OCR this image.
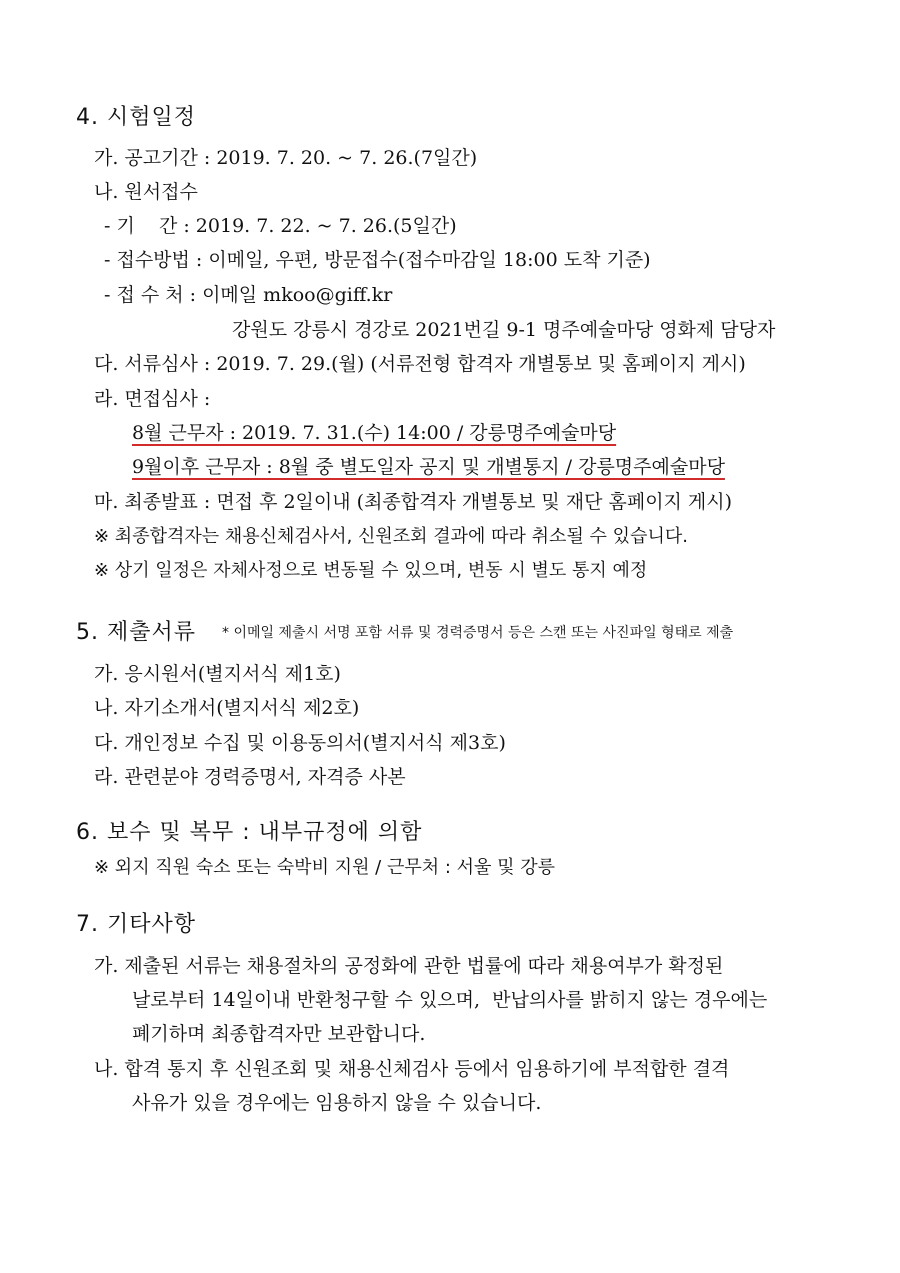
4. 시험일정
가. 공고기간 : 2019. 7. 20. ~ 7. 26.(7일간)
나. 원서접수
- 기    간 : 2019. 7. 22. ~ 7. 26.(5일간)
- 접수방법 : 이메일, 우편, 방문접수(접수마감일 18:00 도착 기준)
- 접 수 처 : 이메일 mkoo@giff.kr
강원도 강릉시 경강로 2021번길 9-1 명주예술마당 영화제 담당자
다. 서류심사 : 2019. 7. 29.(월) (서류전형 합격자 개별통보 및 홈페이지 게시)
라. 면접심사 :
8월 근무자 : 2019. 7. 31.(수) 14:00 / 강릉명주예술마당
9월이후 근무자 : 8월 중 별도일자 공지 및 개별통지 / 강릉명주예술마당
마. 최종발표 : 면접 후 2일이내 (최종합격자 개별통보 및 재단 홈페이지 게시)
※ 최종합격자는 채용신체검사서, 신원조회 결과에 따라 취소될 수 있습니다.
※ 상기 일정은 자체사정으로 변동될 수 있으며, 변동 시 별도 통지 예정
5. 제출서류 * 이메일 제출시 서명 포함 서류 및 경력증명서 등은 스캔 또는 사진파일 형태로 제출
가. 응시원서(별지서식 제1호)
나. 자기소개서(별지서식 제2호)
다. 개인정보 수집 및 이용동의서(별지서식 제3호)
라. 관련분야 경력증명서, 자격증 사본
6. 보수 및 복무 : 내부규정에 의함
※ 외지 직원 숙소 또는 숙박비 지원 / 근무처 : 서울 및 강릉
7. 기타사항
가. 제출된 서류는 채용절차의 공정화에 관한 법률에 따라 채용여부가 확정된
날로부터 14일이내 반환청구할 수 있으며,  반납의사를 밝히지 않는 경우에는
폐기하며 최종합격자만 보관합니다.
나. 합격 통지 후 신원조회 및 채용신체검사 등에서 임용하기에 부적합한 결격
사유가 있을 경우에는 임용하지 않을 수 있습니다.
